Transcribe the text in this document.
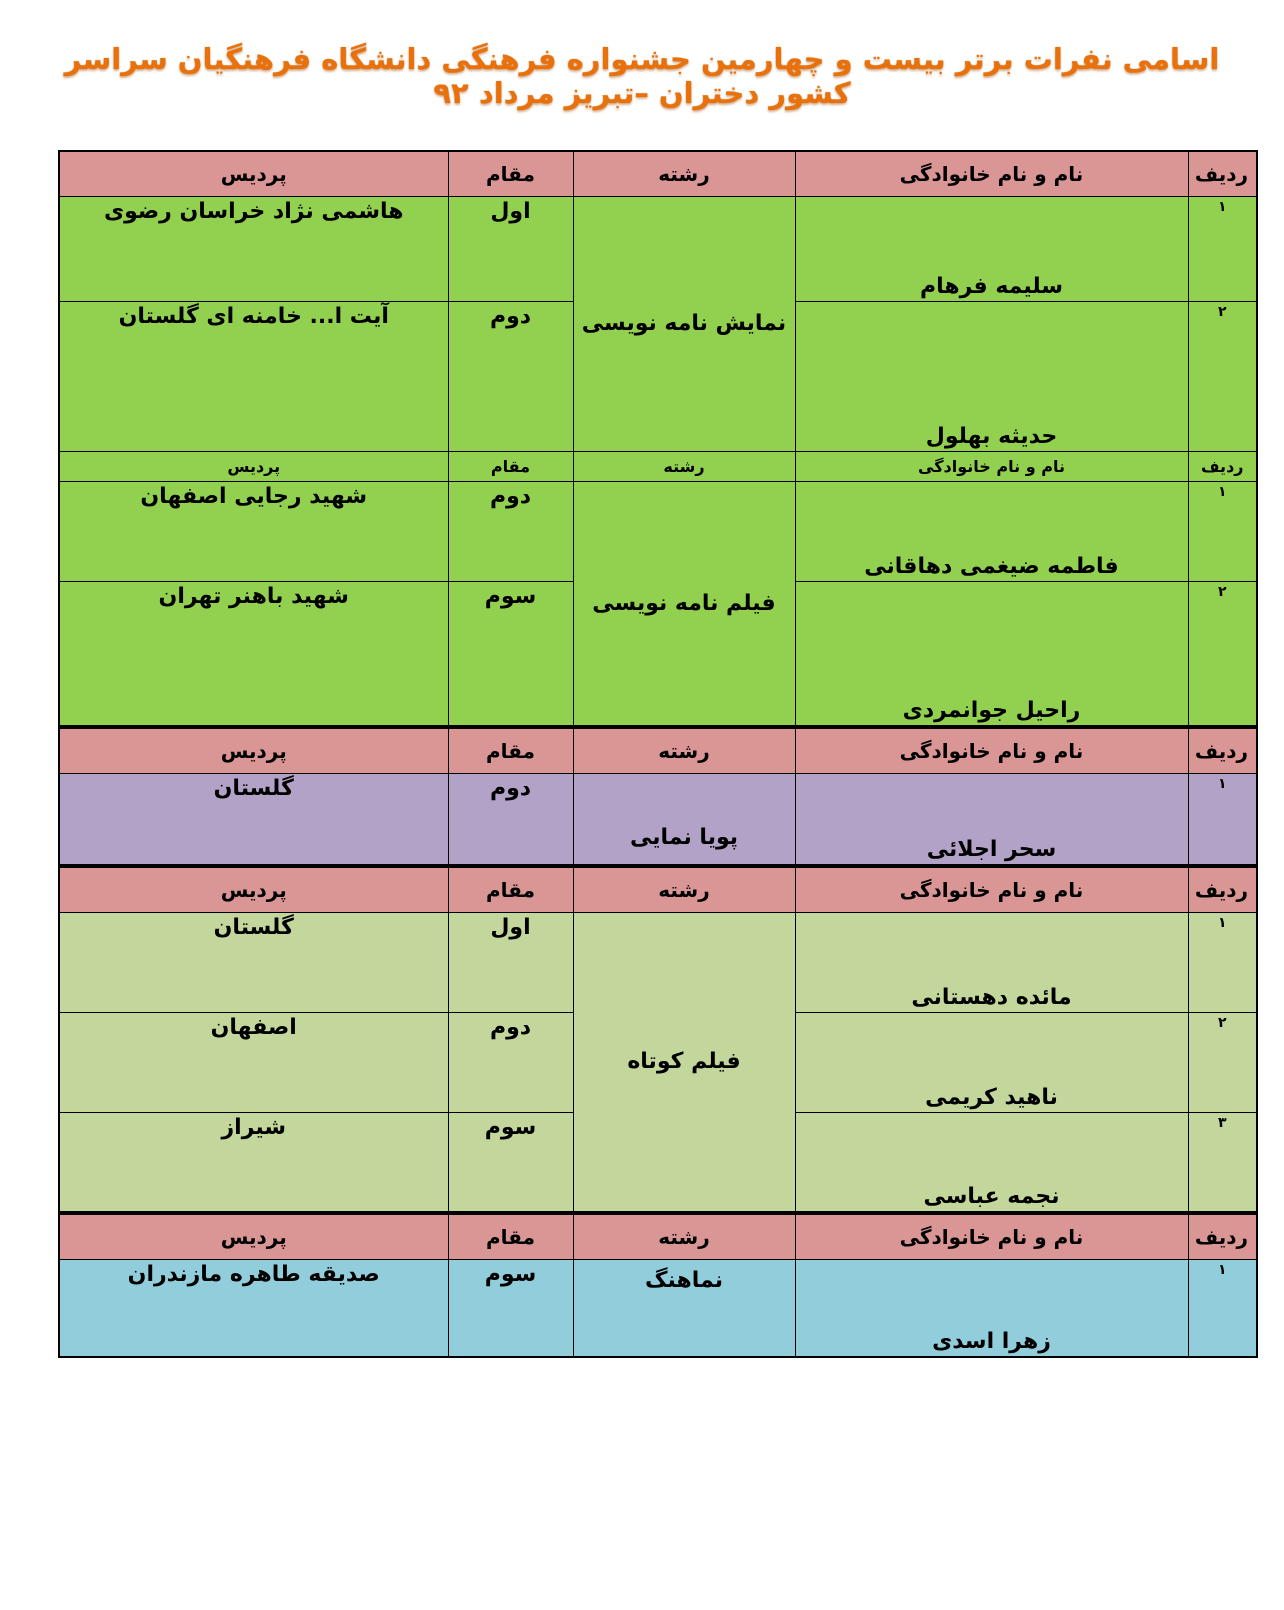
اسامی نفرات برتر بیست و چهارمین جشنواره فرهنگی دانشگاه فرهنگیان سراسر کشور دختران –تبریز مرداد ۹۲
ردیف	نام و نام خانوادگی	رشته	مقام	پردیس
۱	سلیمه فرهام	نمایش نامه نویسی	اول	هاشمی نژاد خراسان رضوی
۲	حدیثه بهلول		دوم	آیت ا... خامنه ای گلستان
ردیف	نام و نام خانوادگی	رشته	مقام	پردیس
۱	فاطمه ضیغمی دهاقانی	فیلم نامه نویسی	دوم	شهید رجایی اصفهان
۲	راحیل جوانمردی		سوم	شهید باهنر تهران
ردیف	نام و نام خانوادگی	رشته	مقام	پردیس
۱	سحر اجلائی	پویا نمایی	دوم	گلستان
ردیف	نام و نام خانوادگی	رشته	مقام	پردیس
۱	مائده دهستانی	فیلم کوتاه	اول	گلستان
۲	ناهید کریمی		دوم	اصفهان
۳	نجمه عباسی		سوم	شیراز
ردیف	نام و نام خانوادگی	رشته	مقام	پردیس
۱	زهرا اسدی	نماهنگ	سوم	صدیقه طاهره مازندران
